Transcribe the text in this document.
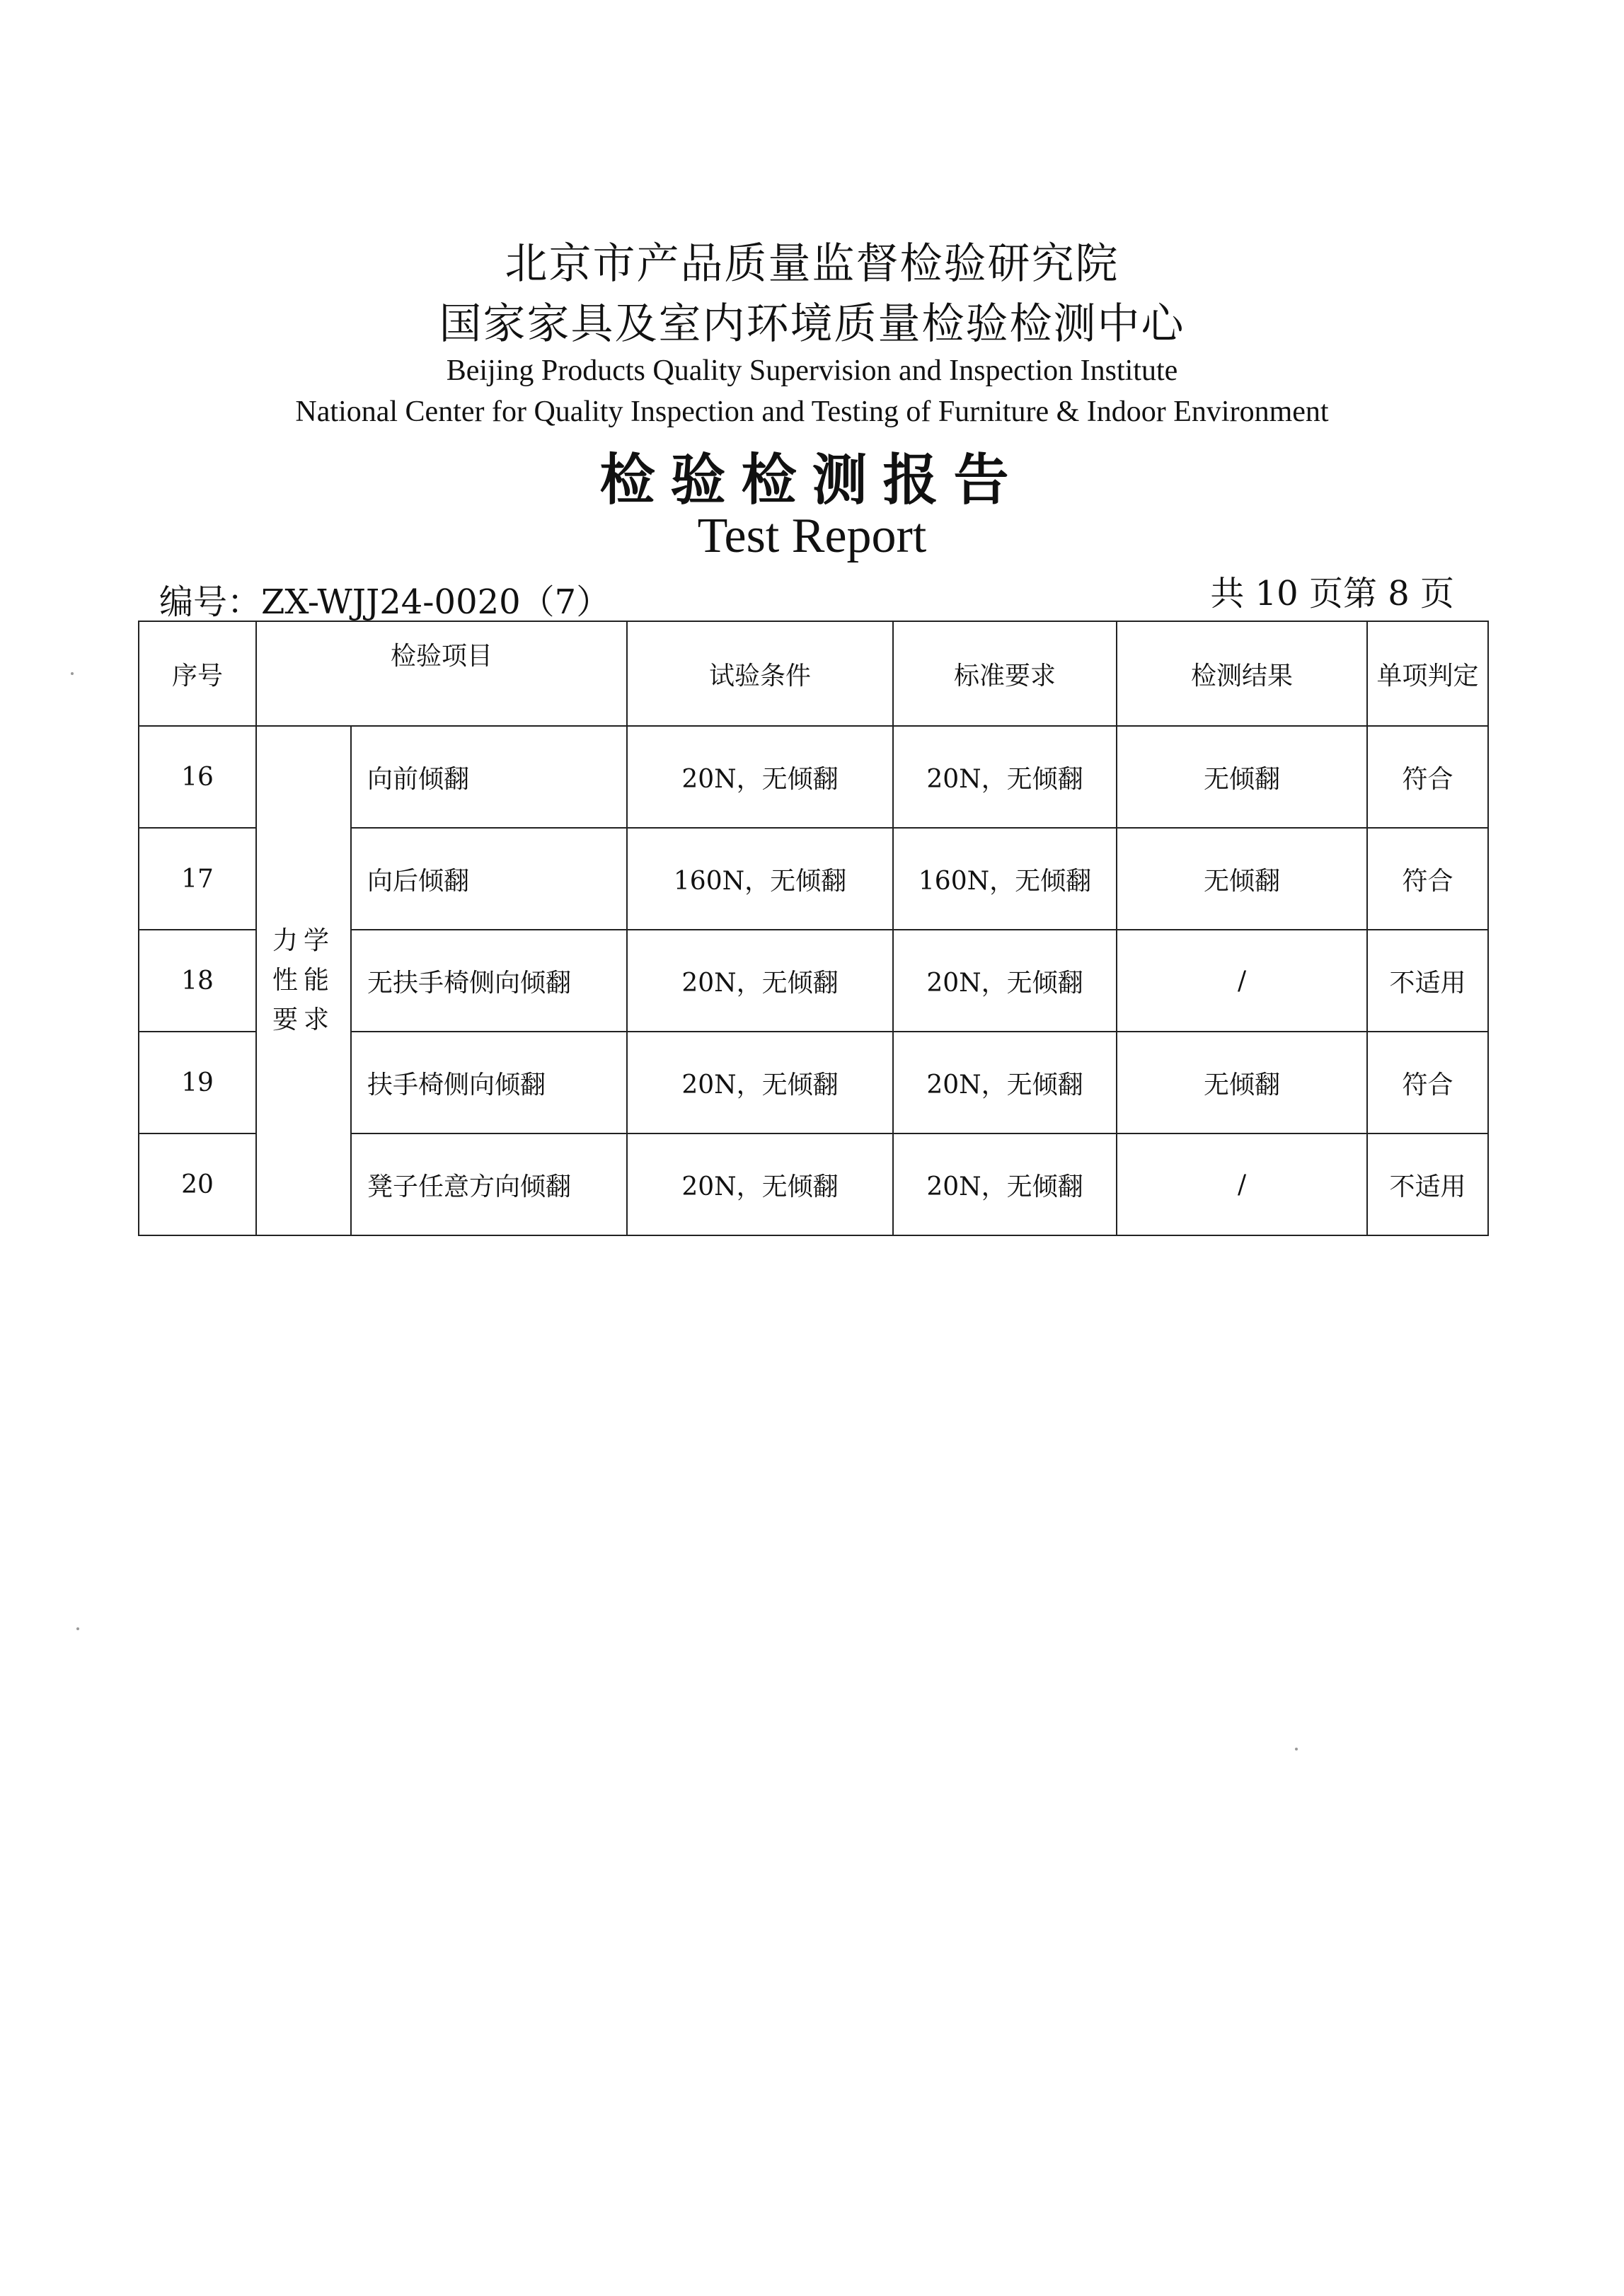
北京市产品质量监督检验研究院
国家家具及室内环境质量检验检测中心
Beijing Products Quality Supervision and Inspection Institute
National Center for Quality Inspection and Testing of Furniture & Indoor Environment
检验检测报告
Test Report
编号：ZX-WJJ24-0020（7）	共 10 页第 8 页
序号	检验项目		试验条件	标准要求	检测结果	单项判定
16	力学性能要求	向前倾翻	20N，无倾翻	20N，无倾翻	无倾翻	符合
17		向后倾翻	160N，无倾翻	160N，无倾翻	无倾翻	符合
18		无扶手椅侧向倾翻	20N，无倾翻	20N，无倾翻	/	不适用
19		扶手椅侧向倾翻	20N，无倾翻	20N，无倾翻	无倾翻	符合
20		凳子任意方向倾翻	20N，无倾翻	20N，无倾翻	/	不适用
